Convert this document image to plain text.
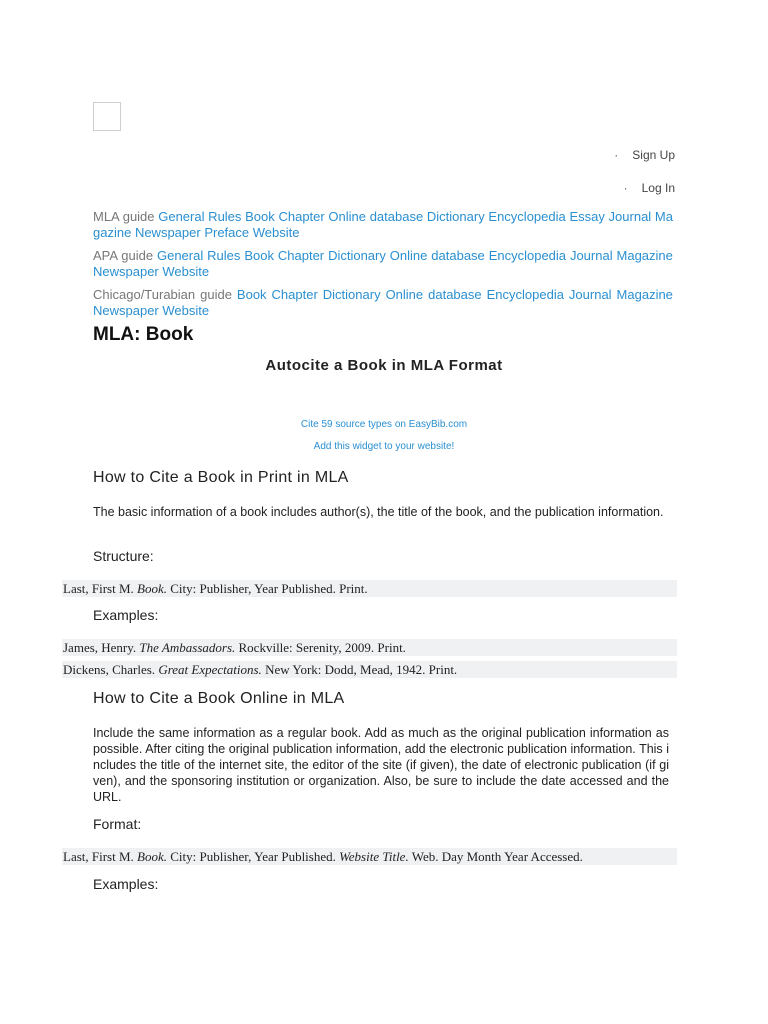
· Sign Up
· Log In
MLA guide General Rules Book Chapter Online database Dictionary Encyclopedia Essay Journal Magazine Newspaper Preface Website
APA guide General Rules Book Chapter Dictionary Online database Encyclopedia Journal Magazine Newspaper Website
Chicago/Turabian guide Book Chapter Dictionary Online database Encyclopedia Journal Magazine Newspaper Website
MLA: Book
Autocite a Book in MLA Format
Cite 59 source types on EasyBib.com
Add this widget to your website!
How to Cite a Book in Print in MLA

The basic information of a book includes author(s), the title of the book, and the publication information.

Structure:

Last, First M. Book. City: Publisher, Year Published. Print.

Examples:

James, Henry. The Ambassadors. Rockville: Serenity, 2009. Print.
Dickens, Charles. Great Expectations. New York: Dodd, Mead, 1942. Print.
How to Cite a Book Online in MLA

Include the same information as a regular book. Add as much as the original publication information as possible. After citing the original publication information, add the electronic publication information. This includes the title of the internet site, the editor of the site (if given), the date of electronic publication (if given), and the sponsoring institution or organization. Also, be sure to include the date accessed and the URL.

Format:

Last, First M. Book. City: Publisher, Year Published. Website Title. Web. Day Month Year Accessed.

Examples:
